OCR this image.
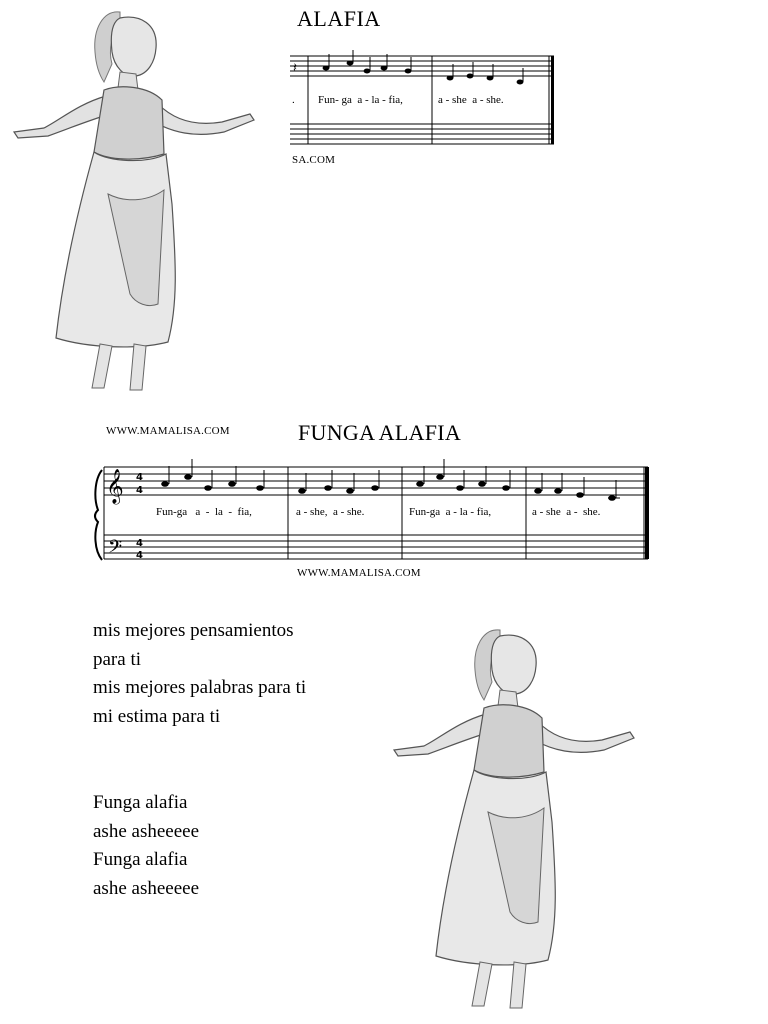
ALAFIA
𝄽
. Fun- ga  a - la - fia,	a - she  a - she.
SA.COM
WWW.MAMALISA.COM	FUNGA ALAFIA
𝄞
𝄢
4
4
4
4
Fun-ga   a  -  la  -  fia,	a - she,  a - she.	Fun-ga  a - la - fia,	a - she  a -  she.
WWW.MAMALISA.COM
mis mejores pensamientos
para ti
mis mejores palabras para ti
mi estima para ti
Funga alafia
ashe asheeeee
Funga alafia
ashe asheeeee
